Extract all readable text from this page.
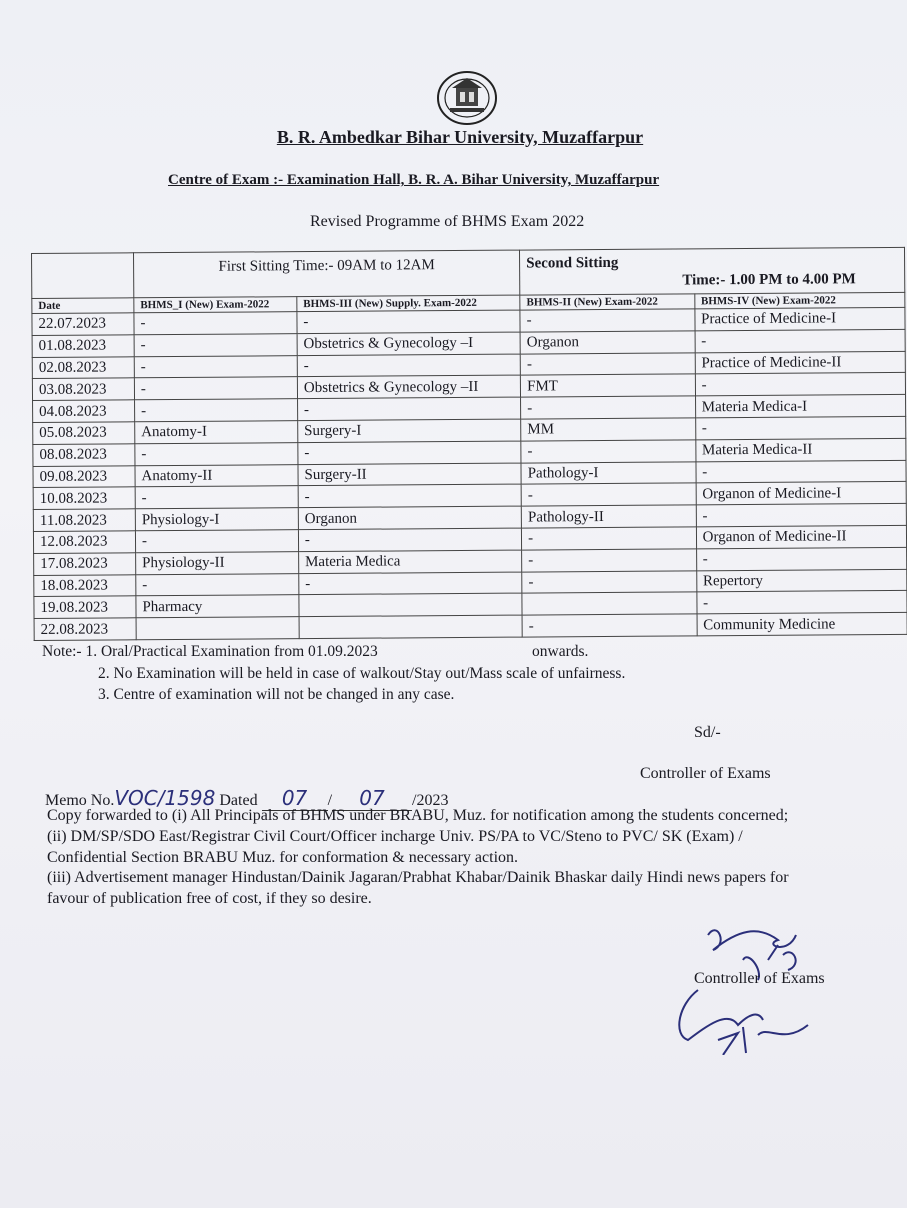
B. R. Ambedkar Bihar University, Muzaffarpur
Centre of Exam :- Examination Hall, B. R. A. Bihar University, Muzaffarpur
Revised Programme of BHMS Exam 2022
	First Sitting Time:- 09AM to 12AM		Second Sitting
Time:- 1.00 PM to 4.00 PM	

Date	BHMS_I (New) Exam-2022	BHMS-III (New) Supply. Exam-2022	BHMS-II (New) Exam-2022	BHMS-IV (New) Exam-2022
22.07.2023	-	-	-	Practice of Medicine-I
01.08.2023	-	Obstetrics & Gynecology –I	Organon	-
02.08.2023	-	-	-	Practice of Medicine-II
03.08.2023	-	Obstetrics & Gynecology –II	FMT	-
04.08.2023	-	-	-	Materia Medica-I
05.08.2023	Anatomy-I	Surgery-I	MM	-
08.08.2023	-	-	-	Materia Medica-II
09.08.2023	Anatomy-II	Surgery-II	Pathology-I	-
10.08.2023	-	-	-	Organon of Medicine-I
11.08.2023	Physiology-I	Organon	Pathology-II	-
12.08.2023	-	-	-	Organon of Medicine-II
17.08.2023	Physiology-II	Materia Medica	-	-
18.08.2023	-	-	-	Repertory
19.08.2023	Pharmacy			-
22.08.2023			-	Community Medicine
Note:- 1. Oral/Practical Examination from 01.09.2023	onwards.
2. No Examination will be held in case of walkout/Stay out/Mass scale of unfairness.
3. Centre of examination will not be changed in any case.
Sd/-
Controller of Exams
Memo No.VOC/1598 Dated 07 / 07 /2023
Copy forwarded to (i) All Principals of BHMS under BRABU, Muz. for notification among the students concerned;
(ii) DM/SP/SDO East/Registrar Civil Court/Officer incharge Univ. PS/PA to VC/Steno to PVC/ SK (Exam) /
Confidential Section BRABU Muz. for conformation & necessary action.
(iii) Advertisement manager Hindustan/Dainik Jagaran/Prabhat Khabar/Dainik Bhaskar daily Hindi news papers for
favour of publication free of cost, if they so desire.
Controller of Exams
